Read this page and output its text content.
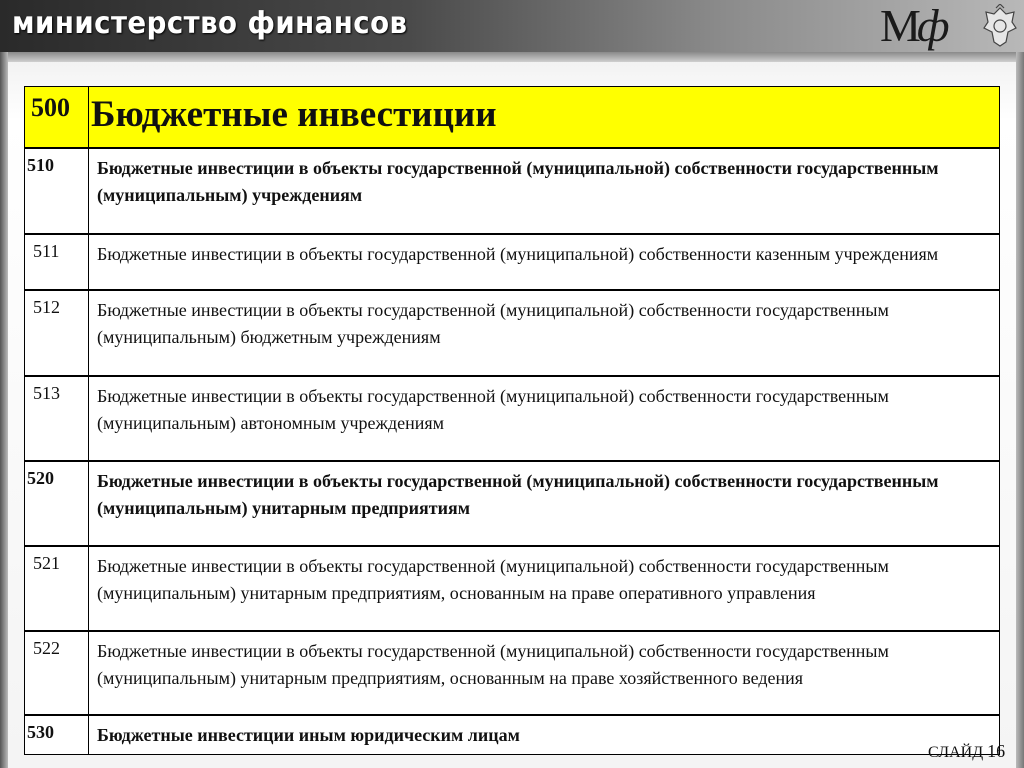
министерство финансов	Мф
500 Бюджетные инвестиции
510	Бюджетные инвестиции в объекты государственной (муниципальной) собственности государственным (муниципальным) учреждениям
511	Бюджетные инвестиции в объекты государственной (муниципальной) собственности казенным учреждениям
512	Бюджетные инвестиции в объекты государственной (муниципальной) собственности государственным (муниципальным) бюджетным учреждениям
513	Бюджетные инвестиции в объекты государственной (муниципальной) собственности государственным (муниципальным) автономным учреждениям
520	Бюджетные инвестиции в объекты государственной (муниципальной) собственности государственным (муниципальным) унитарным предприятиям
521	Бюджетные инвестиции в объекты государственной (муниципальной) собственности государственным (муниципальным) унитарным предприятиям, основанным на праве оперативного управления
522	Бюджетные инвестиции в объекты государственной (муниципальной) собственности государственным (муниципальным) унитарным предприятиям, основанным на праве хозяйственного ведения
530	Бюджетные инвестиции иным юридическим лицам
СЛАЙД 16
